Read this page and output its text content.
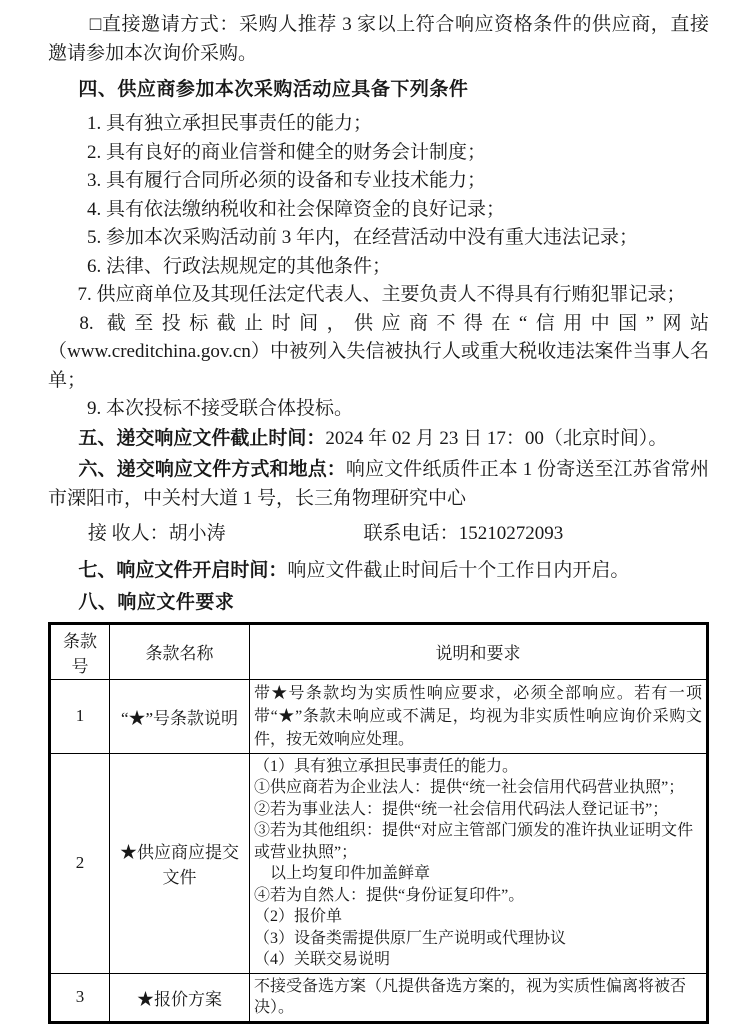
□直接邀请方式：采购人推荐 3 家以上符合响应资格条件的供应商，直接邀请参加本次询价采购。

四、供应商参加本次采购活动应具备下列条件

1. 具有独立承担民事责任的能力；

2. 具有良好的商业信誉和健全的财务会计制度；

3. 具有履行合同所必须的设备和专业技术能力；

4. 具有依法缴纳税收和社会保障资金的良好记录；

5. 参加本次采购活动前 3 年内，在经营活动中没有重大违法记录；

6. 法律、行政法规规定的其他条件；

7. 供应商单位及其现任法定代表人、主要负责人不得具有行贿犯罪记录；

8. 截至投标截止时间，供应商不得在“信用中国”网站（www.creditchina.gov.cn）中被列入失信被执行人或重大税收违法案件当事人名单；

9. 本次投标不接受联合体投标。

五、递交响应文件截止时间：2024 年 02 月 23 日 17：00（北京时间）。

六、递交响应文件方式和地点：响应文件纸质件正本 1 份寄送至江苏省常州市溧阳市，中关村大道 1 号，长三角物理研究中心

接 收人：胡小涛	联系电话：15210272093

七、响应文件开启时间：响应文件截止时间后十个工作日内开启。

八、响应文件要求

条款号	条款名称	说明和要求
1	“★”号条款说明	带★号条款均为实质性响应要求，必须全部响应。若有一项带“★”条款未响应或不满足，均视为非实质性响应询价采购文件，按无效响应处理。
2	★供应商应提交文件	
（1）具有独立承担民事责任的能力。
①供应商若为企业法人：提供“统一社会信用代码营业执照”；
②若为事业法人：提供“统一社会信用代码法人登记证书”；
③若为其他组织：提供“对应主管部门颁发的准许执业证明文件或营业执照”；
　以上均复印件加盖鲜章
④若为自然人：提供“身份证复印件”。
（2）报价单
（3）设备类需提供原厂生产说明或代理协议
（4）关联交易说明

3	★报价方案	不接受备选方案（凡提供备选方案的，视为实质性偏离将被否决）。
